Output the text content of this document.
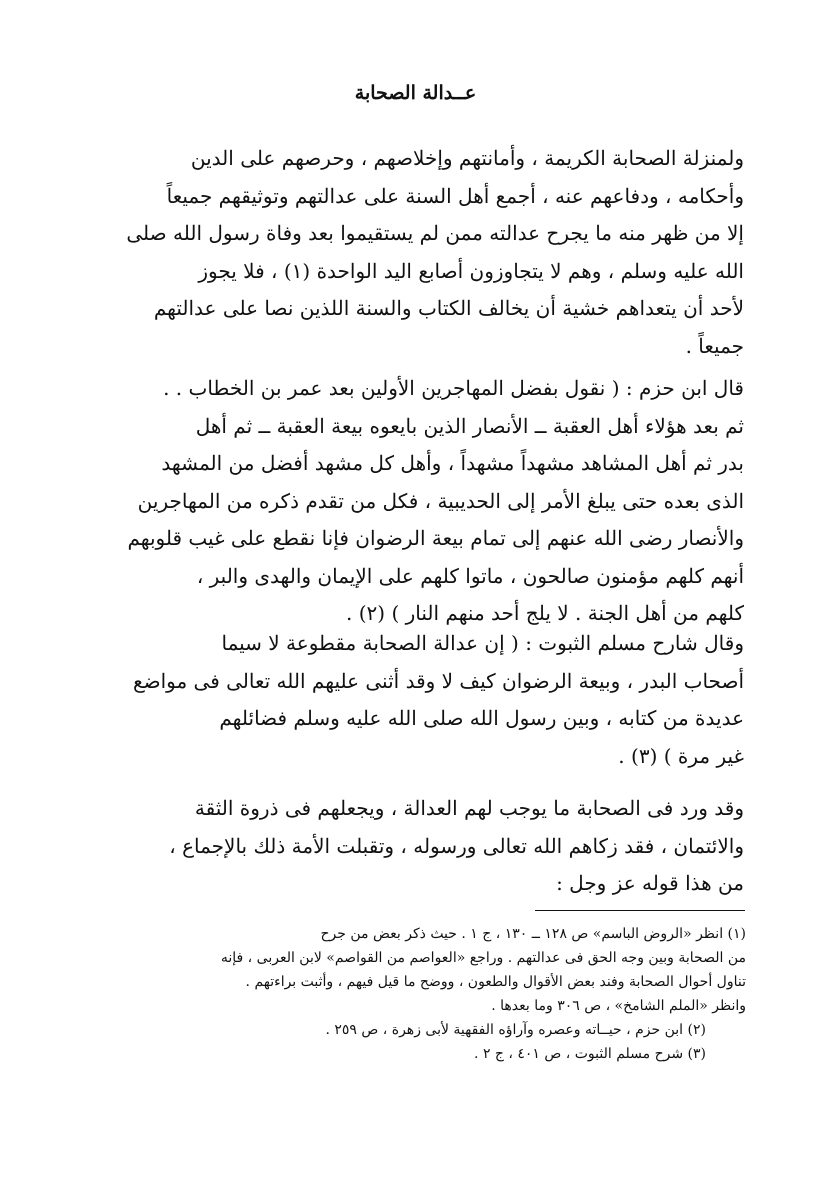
عــدالة الصحابة
ولمنزلة الصحابة الكريمة ، وأمانتهم وإخلاصهم ، وحرصهم على الدين
وأحكامه ، ودفاعهم عنه ، أجمع أهل السنة على عدالتهم وتوثيقهم جميعاً
إلا من ظهر منه ما يجرح عدالته ممن لم يستقيموا بعد وفاة رسول الله صلى
الله عليه وسلم ، وهم لا يتجاوزون أصابع اليد الواحدة (١) ، فلا يجوز
لأحد أن يتعداهم خشية أن يخالف الكتاب والسنة اللذين نصا على عدالتهم
جميعاً .
قال ابن حزم : ( نقول بفضل المهاجرين الأولين بعد عمر بن الخطاب . .
ثم بعد هؤلاء أهل العقبة ــ الأنصار الذين بايعوه بيعة العقبة ــ ثم أهل
بدر ثم أهل المشاهد مشهداً مشهداً ، وأهل كل مشهد أفضل من المشهد
الذى بعده حتى يبلغ الأمر إلى الحديبية ، فكل من تقدم ذكره من المهاجرين
والأنصار رضى الله عنهم إلى تمام بيعة الرضوان فإنا نقطع على غيب قلوبهم
أنهم كلهم مؤمنون صالحون ، ماتوا كلهم على الإيمان والهدى والبر ،
كلهم من أهل الجنة . لا يلج أحد منهم النار ) (٢) .
وقال شارح مسلم الثبوت : ( إن عدالة الصحابة مقطوعة لا سيما
أصحاب البدر ، وبيعة الرضوان كيف لا وقد أثنى عليهم الله تعالى فى مواضع
عديدة من كتابه ، وبين رسول الله صلى الله عليه وسلم فضائلهم
غير مرة ) (٣) .
وقد ورد فى الصحابة ما يوجب لهم العدالة ، ويجعلهم فى ذروة الثقة
والائتمان ، فقد زكاهم الله تعالى ورسوله ، وتقبلت الأمة ذلك بالإجماع ،
من هذا قوله عز وجل :
(١) انظر «الروض الباسم» ص ١٢٨ ــ ١٣٠ ، ج ١ . حيث ذكر بعض من جرح
من الصحابة وبين وجه الحق فى عدالتهم . وراجع «العواصم من القواصم» لابن العربى ، فإنه
تناول أحوال الصحابة وفند بعض الأقوال والطعون ، ووضح ما قيل فيهم ، وأثبت براءتهم .
وانظر «الملم الشامخ» ، ص ٣٠٦ وما بعدها .
(٢) ابن حزم ، حيــاته وعصره وآراؤه الفقهية لأبى زهرة ، ص ٢٥٩ .
(٣) شرح مسلم الثبوت ، ص ٤٠١ ، ج ٢ .
